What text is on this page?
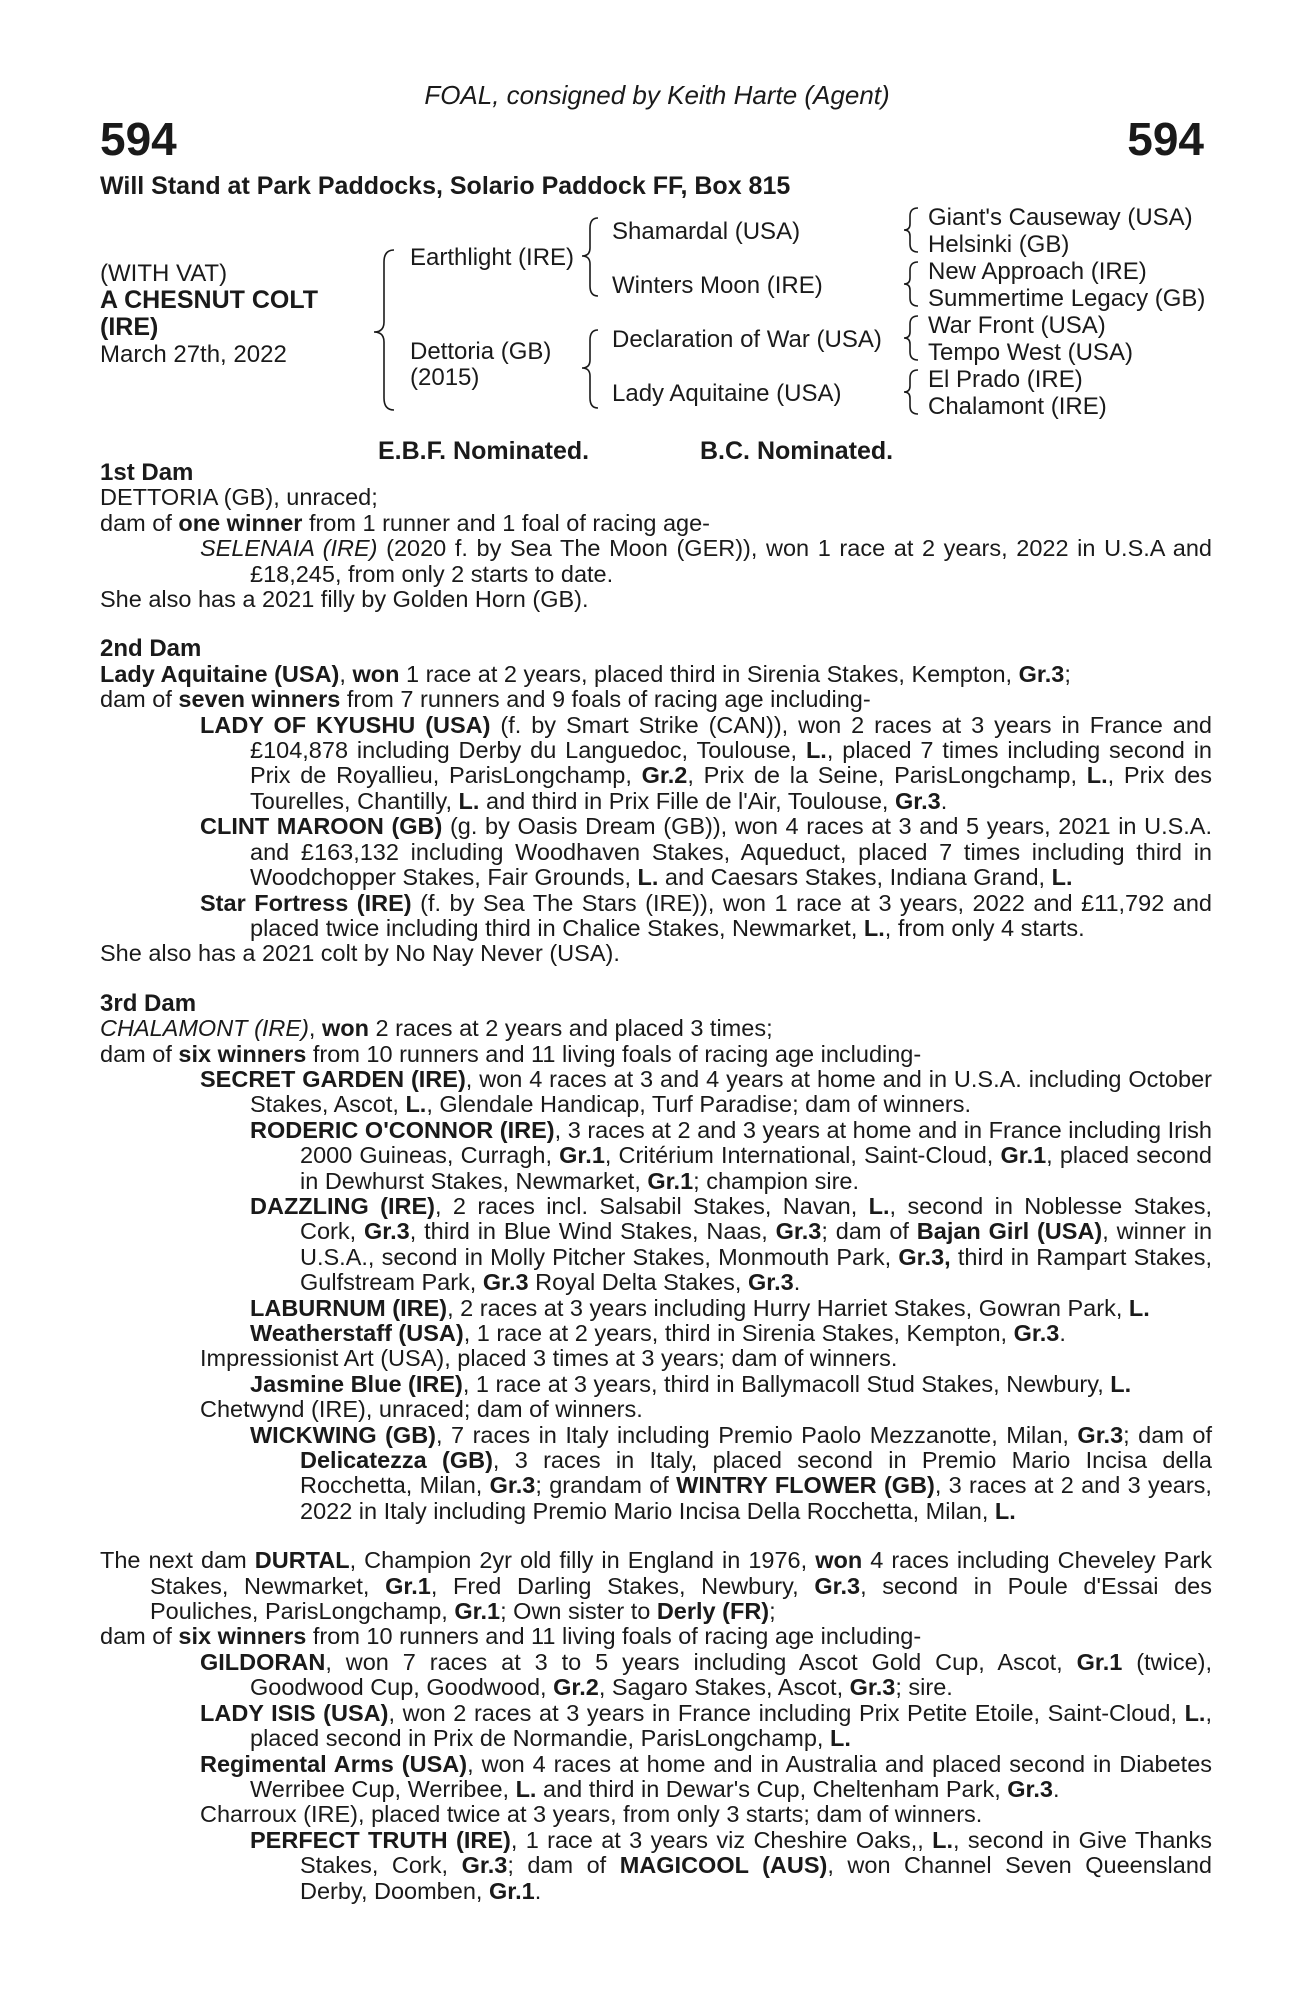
FOAL, consigned by Keith Harte (Agent)
594	594
Will Stand at Park Paddocks, Solario Paddock FF, Box 815
(WITH VAT)
A CHESNUT COLT
(IRE)
March 27th, 2022
Earthlight (IRE)
Dettoria (GB)
(2015)
Shamardal (USA)
Winters Moon (IRE)
Declaration of War (USA)
Lady Aquitaine (USA)
Giant's Causeway (USA)
Helsinki (GB)
New Approach (IRE)
Summertime Legacy (GB)
War Front (USA)
Tempo West (USA)
El Prado (IRE)
Chalamont (IRE)
E.B.F. Nominated.	B.C. Nominated.

1st Dam

DETTORIA (GB), unraced;

dam of one winner from 1 runner and 1 foal of racing age-

SELENAIA (IRE) (2020 f. by Sea The Moon (GER)), won 1 race at 2 years, 2022 in U.S.A and £18,245, from only 2 starts to date.

She also has a 2021 filly by Golden Horn (GB).

2nd Dam

Lady Aquitaine (USA), won 1 race at 2 years, placed third in Sirenia Stakes, Kempton, Gr.3;

dam of seven winners from 7 runners and 9 foals of racing age including-

LADY OF KYUSHU (USA) (f. by Smart Strike (CAN)), won 2 races at 3 years in France and £104,878 including Derby du Languedoc, Toulouse, L., placed 7 times including second in Prix de Royallieu, ParisLongchamp, Gr.2, Prix de la Seine, ParisLongchamp, L., Prix des Tourelles, Chantilly, L. and third in Prix Fille de l'Air, Toulouse, Gr.3.

CLINT MAROON (GB) (g. by Oasis Dream (GB)), won 4 races at 3 and 5 years, 2021 in U.S.A. and £163,132 including Woodhaven Stakes, Aqueduct, placed 7 times including third in Woodchopper Stakes, Fair Grounds, L. and Caesars Stakes, Indiana Grand, L.

Star Fortress (IRE) (f. by Sea The Stars (IRE)), won 1 race at 3 years, 2022 and £11,792 and placed twice including third in Chalice Stakes, Newmarket, L., from only 4 starts.

She also has a 2021 colt by No Nay Never (USA).

3rd Dam

CHALAMONT (IRE), won 2 races at 2 years and placed 3 times;

dam of six winners from 10 runners and 11 living foals of racing age including-

SECRET GARDEN (IRE), won 4 races at 3 and 4 years at home and in U.S.A. including October Stakes, Ascot, L., Glendale Handicap, Turf Paradise; dam of winners.

RODERIC O'CONNOR (IRE), 3 races at 2 and 3 years at home and in France including Irish 2000 Guineas, Curragh, Gr.1, Critérium International, Saint-Cloud, Gr.1, placed second in Dewhurst Stakes, Newmarket, Gr.1; champion sire.

DAZZLING (IRE), 2 races incl. Salsabil Stakes, Navan, L., second in Noblesse Stakes, Cork, Gr.3, third in Blue Wind Stakes, Naas, Gr.3; dam of Bajan Girl (USA), winner in U.S.A., second in Molly Pitcher Stakes, Monmouth Park, Gr.3, third in Rampart Stakes, Gulfstream Park, Gr.3 Royal Delta Stakes, Gr.3.

LABURNUM (IRE), 2 races at 3 years including Hurry Harriet Stakes, Gowran Park, L.

Weatherstaff (USA), 1 race at 2 years, third in Sirenia Stakes, Kempton, Gr.3.

Impressionist Art (USA), placed 3 times at 3 years; dam of winners.

Jasmine Blue (IRE), 1 race at 3 years, third in Ballymacoll Stud Stakes, Newbury, L.

Chetwynd (IRE), unraced; dam of winners.

WICKWING (GB), 7 races in Italy including Premio Paolo Mezzanotte, Milan, Gr.3; dam of Delicatezza (GB), 3 races in Italy, placed second in Premio Mario Incisa della Rocchetta, Milan, Gr.3; grandam of WINTRY FLOWER (GB), 3 races at 2 and 3 years, 2022 in Italy including Premio Mario Incisa Della Rocchetta, Milan, L.

The next dam DURTAL, Champion 2yr old filly in England in 1976, won 4 races including Cheveley Park Stakes, Newmarket, Gr.1, Fred Darling Stakes, Newbury, Gr.3, second in Poule d'Essai des Pouliches, ParisLongchamp, Gr.1; Own sister to Derly (FR);

dam of six winners from 10 runners and 11 living foals of racing age including-

GILDORAN, won 7 races at 3 to 5 years including Ascot Gold Cup, Ascot, Gr.1 (twice), Goodwood Cup, Goodwood, Gr.2, Sagaro Stakes, Ascot, Gr.3; sire.

LADY ISIS (USA), won 2 races at 3 years in France including Prix Petite Etoile, Saint-Cloud, L., placed second in Prix de Normandie, ParisLongchamp, L.

Regimental Arms (USA), won 4 races at home and in Australia and placed second in Diabetes Werribee Cup, Werribee, L. and third in Dewar's Cup, Cheltenham Park, Gr.3.

Charroux (IRE), placed twice at 3 years, from only 3 starts; dam of winners.

PERFECT TRUTH (IRE), 1 race at 3 years viz Cheshire Oaks,, L., second in Give Thanks Stakes, Cork, Gr.3; dam of MAGICOOL (AUS), won Channel Seven Queensland Derby, Doomben, Gr.1.
